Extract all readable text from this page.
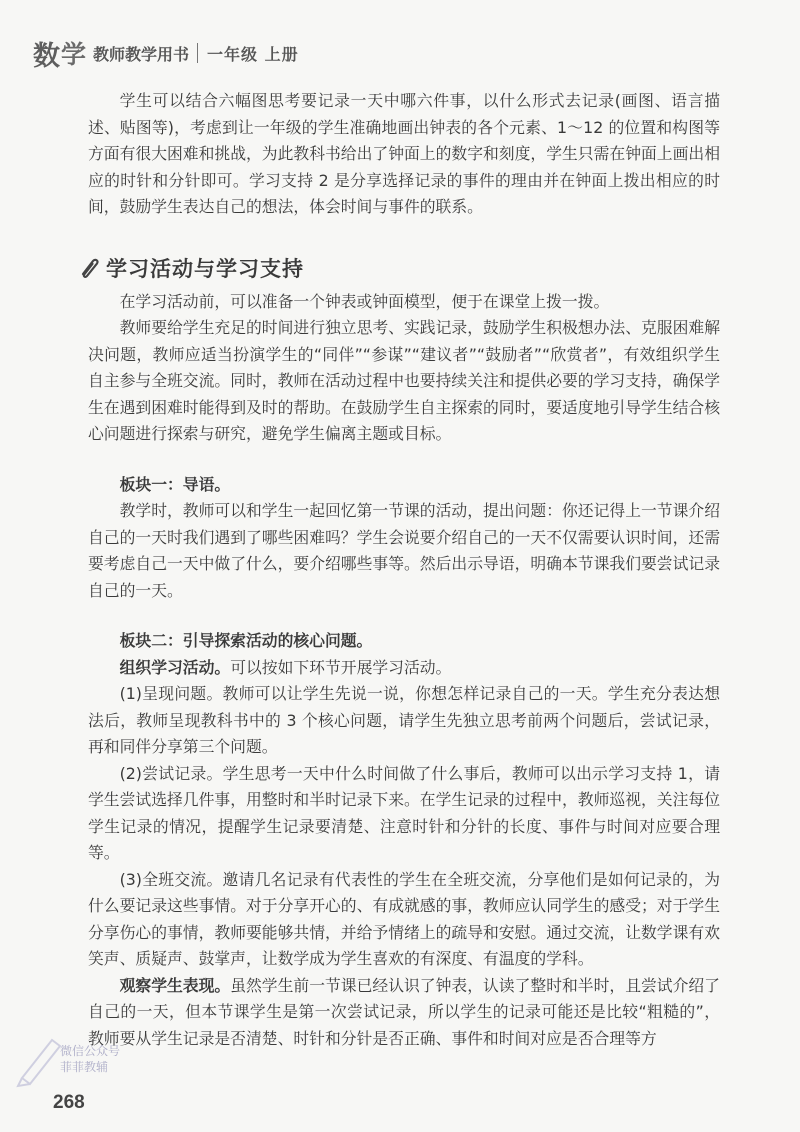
数 学 教师教学用书 一年级 上册

学生可以结合六幅图思考要记录一天中哪六件事，以什么形式去记录(画图、语言描述、贴图等)，考虑到让一年级的学生准确地画出钟表的各个元素、1～12 的位置和构图等方面有很大困难和挑战，为此教科书给出了钟面上的数字和刻度，学生只需在钟面上画出相应的时针和分针即可。学习支持 2 是分享选择记录的事件的理由并在钟面上拨出相应的时间，鼓励学生表达自己的想法，体会时间与事件的联系。

学习活动与学习支持

在学习活动前，可以准备一个钟表或钟面模型，便于在课堂上拨一拨。

教师要给学生充足的时间进行独立思考、实践记录，鼓励学生积极想办法、克服困难解决问题，教师应适当扮演学生的“同伴”“参谋”“建议者”“鼓励者”“欣赏者”，有效组织学生自主参与全班交流。同时，教师在活动过程中也要持续关注和提供必要的学习支持，确保学生在遇到困难时能得到及时的帮助。在鼓励学生自主探索的同时，要适度地引导学生结合核心问题进行探索与研究，避免学生偏离主题或目标。

板块一：导语。

教学时，教师可以和学生一起回忆第一节课的活动，提出问题：你还记得上一节课介绍自己的一天时我们遇到了哪些困难吗？学生会说要介绍自己的一天不仅需要认识时间，还需要考虑自己一天中做了什么，要介绍哪些事等。然后出示导语，明确本节课我们要尝试记录自己的一天。

板块二：引导探索活动的核心问题。

组织学习活动。可以按如下环节开展学习活动。

(1)呈现问题。教师可以让学生先说一说，你想怎样记录自己的一天。学生充分表达想法后，教师呈现教科书中的 3 个核心问题，请学生先独立思考前两个问题后，尝试记录，再和同伴分享第三个问题。

(2)尝试记录。学生思考一天中什么时间做了什么事后，教师可以出示学习支持 1，请学生尝试选择几件事，用整时和半时记录下来。在学生记录的过程中，教师巡视，关注每位学生记录的情况，提醒学生记录要清楚、注意时针和分针的长度、事件与时间对应要合理等。

(3)全班交流。邀请几名记录有代表性的学生在全班交流，分享他们是如何记录的，为什么要记录这些事情。对于分享开心的、有成就感的事，教师应认同学生的感受；对于学生分享伤心的事情，教师要能够共情，并给予情绪上的疏导和安慰。通过交流，让数学课有欢笑声、质疑声、鼓掌声，让数学成为学生喜欢的有深度、有温度的学科。

观察学生表现。虽然学生前一节课已经认识了钟表，认读了整时和半时，且尝试介绍了自己的一天，但本节课学生是第一次尝试记录，所以学生的记录可能还是比较“粗糙的”，教师要从学生记录是否清楚、时针和分针是否正确、事件和时间对应是否合理等方

微信公众号
菲菲教辅
268
